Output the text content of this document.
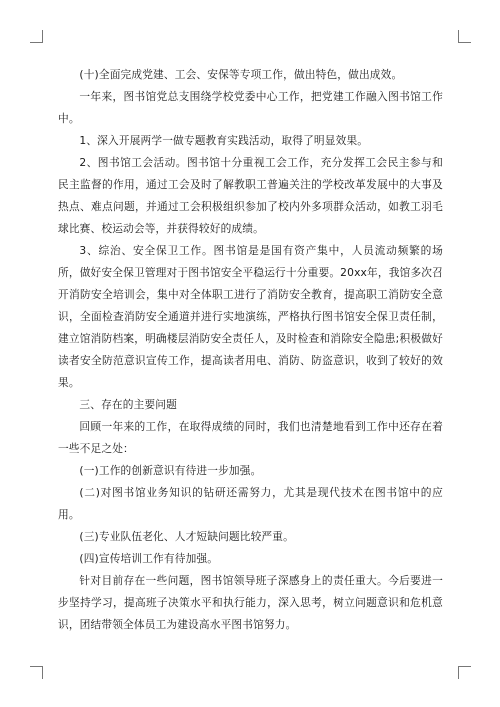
(十)全面完成党建、工会、安保等专项工作，做出特色，做出成效。

一年来，图书馆党总支围绕学校党委中心工作，把党建工作融入图书馆工作中。

1、深入开展两学一做专题教育实践活动，取得了明显效果。

2、图书馆工会活动。图书馆十分重视工会工作，充分发挥工会民主参与和民主监督的作用，通过工会及时了解教职工普遍关注的学校改革发展中的大事及热点、难点问题，并通过工会积极组织参加了校内外多项群众活动，如教工羽毛球比赛、校运动会等，并获得较好的成绩。

3、综治、安全保卫工作。图书馆是是国有资产集中，人员流动频繁的场所，做好安全保卫管理对于图书馆安全平稳运行十分重要。20xx年，我馆多次召开消防安全培训会，集中对全体职工进行了消防安全教育，提高职工消防安全意识，全面检查消防安全通道并进行实地演练，严格执行图书馆安全保卫责任制，建立馆消防档案，明确楼层消防安全责任人，及时检查和消除安全隐患;积极做好读者安全防范意识宣传工作，提高读者用电、消防、防盗意识，收到了较好的效果。

三、存在的主要问题

回顾一年来的工作，在取得成绩的同时，我们也清楚地看到工作中还存在着一些不足之处：

(一)工作的创新意识有待进一步加强。

(二)对图书馆业务知识的钻研还需努力，尤其是现代技术在图书馆中的应用。

(三)专业队伍老化、人才短缺问题比较严重。

(四)宣传培训工作有待加强。

针对目前存在一些问题，图书馆领导班子深感身上的责任重大。今后要进一步坚持学习，提高班子决策水平和执行能力，深入思考，树立问题意识和危机意识，团结带领全体员工为建设高水平图书馆努力。
